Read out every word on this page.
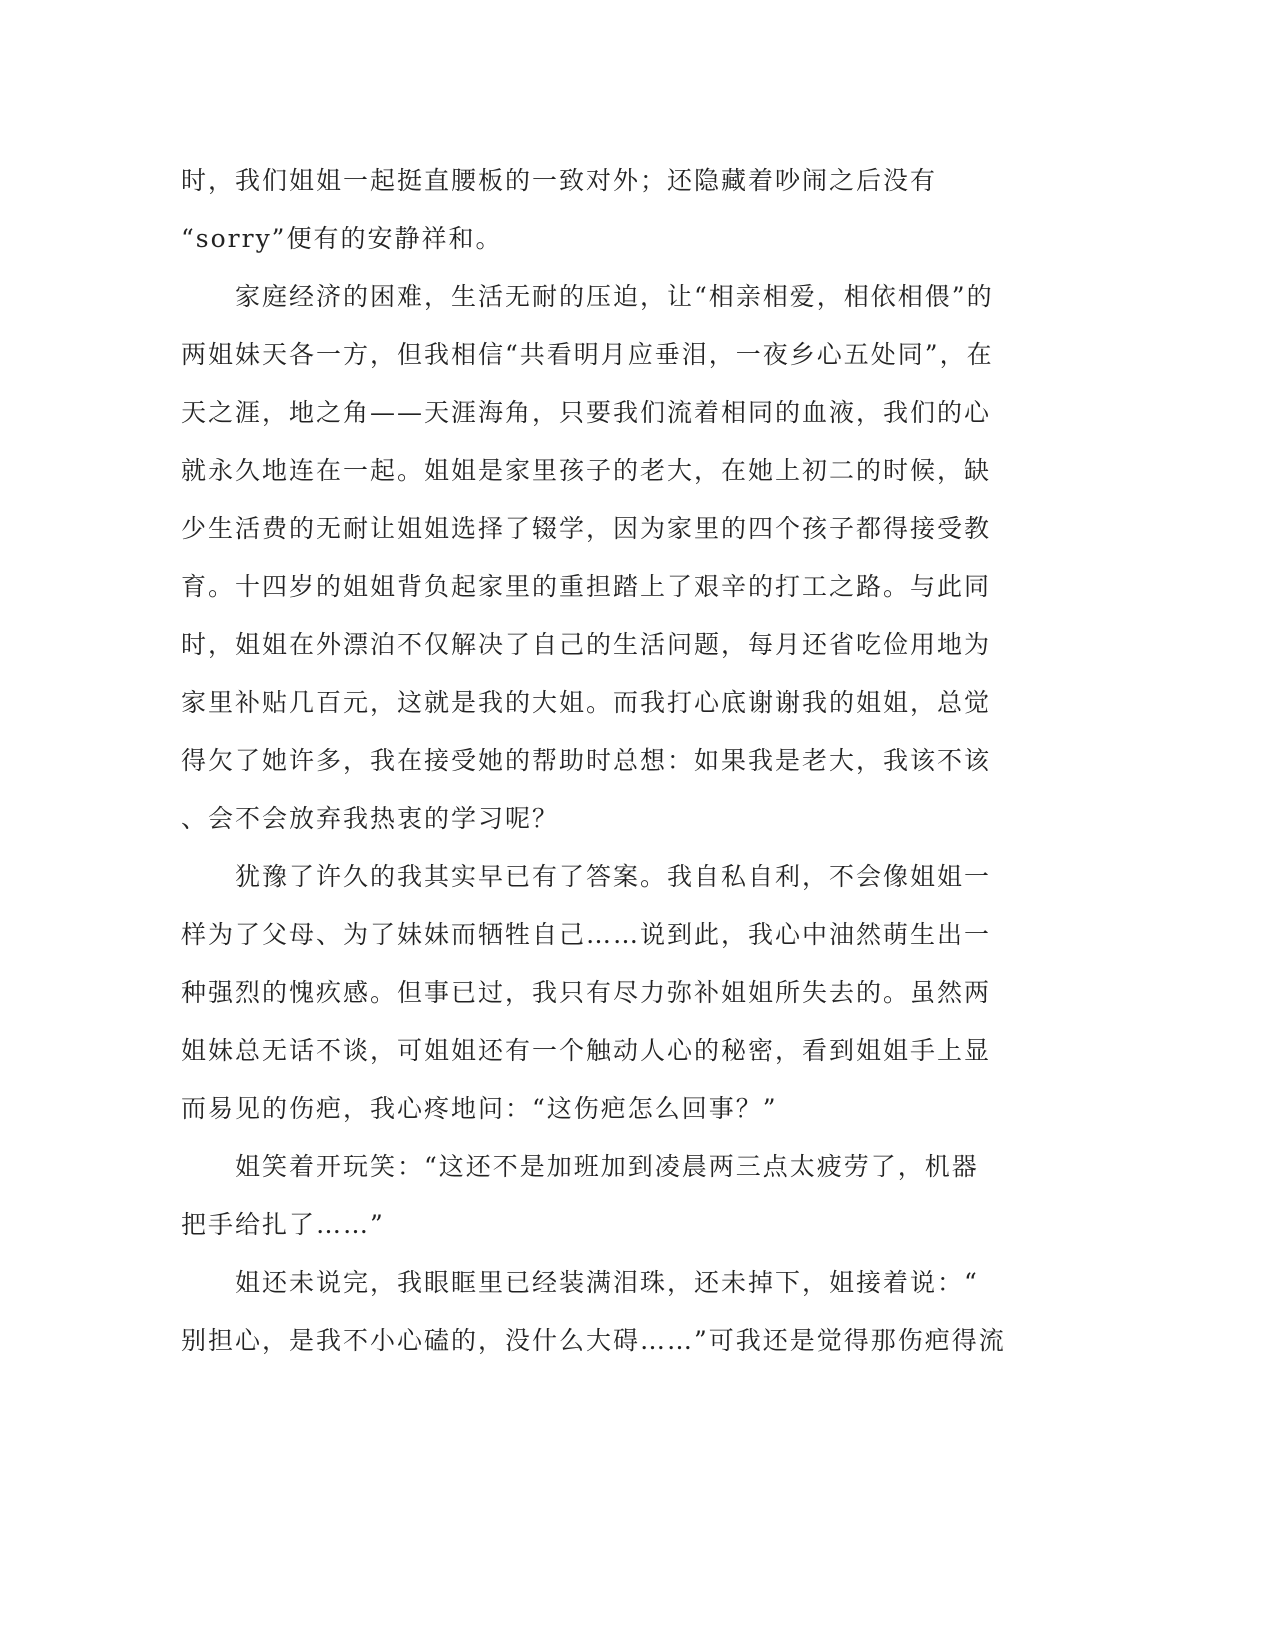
时，我们姐姐一起挺直腰板的一致对外；还隐藏着吵闹之后没有
“sorry”便有的安静祥和。
　　家庭经济的困难，生活无耐的压迫，让“相亲相爱，相依相偎”的
两姐妹天各一方，但我相信“共看明月应垂泪，一夜乡心五处同”，在
天之涯，地之角——天涯海角，只要我们流着相同的血液，我们的心
就永久地连在一起。姐姐是家里孩子的老大，在她上初二的时候，缺
少生活费的无耐让姐姐选择了辍学，因为家里的四个孩子都得接受教
育。十四岁的姐姐背负起家里的重担踏上了艰辛的打工之路。与此同
时，姐姐在外漂泊不仅解决了自己的生活问题，每月还省吃俭用地为
家里补贴几百元，这就是我的大姐。而我打心底谢谢我的姐姐，总觉
得欠了她许多，我在接受她的帮助时总想：如果我是老大，我该不该
、会不会放弃我热衷的学习呢？
　　犹豫了许久的我其实早已有了答案。我自私自利，不会像姐姐一
样为了父母、为了妹妹而牺牲自己……说到此，我心中油然萌生出一
种强烈的愧疚感。但事已过，我只有尽力弥补姐姐所失去的。虽然两
姐妹总无话不谈，可姐姐还有一个触动人心的秘密，看到姐姐手上显
而易见的伤疤，我心疼地问：“这伤疤怎么回事？”
　　姐笑着开玩笑：“这还不是加班加到凌晨两三点太疲劳了，机器
把手给扎了……”
　　姐还未说完，我眼眶里已经装满泪珠，还未掉下，姐接着说：“
别担心，是我不小心磕的，没什么大碍……”可我还是觉得那伤疤得流
